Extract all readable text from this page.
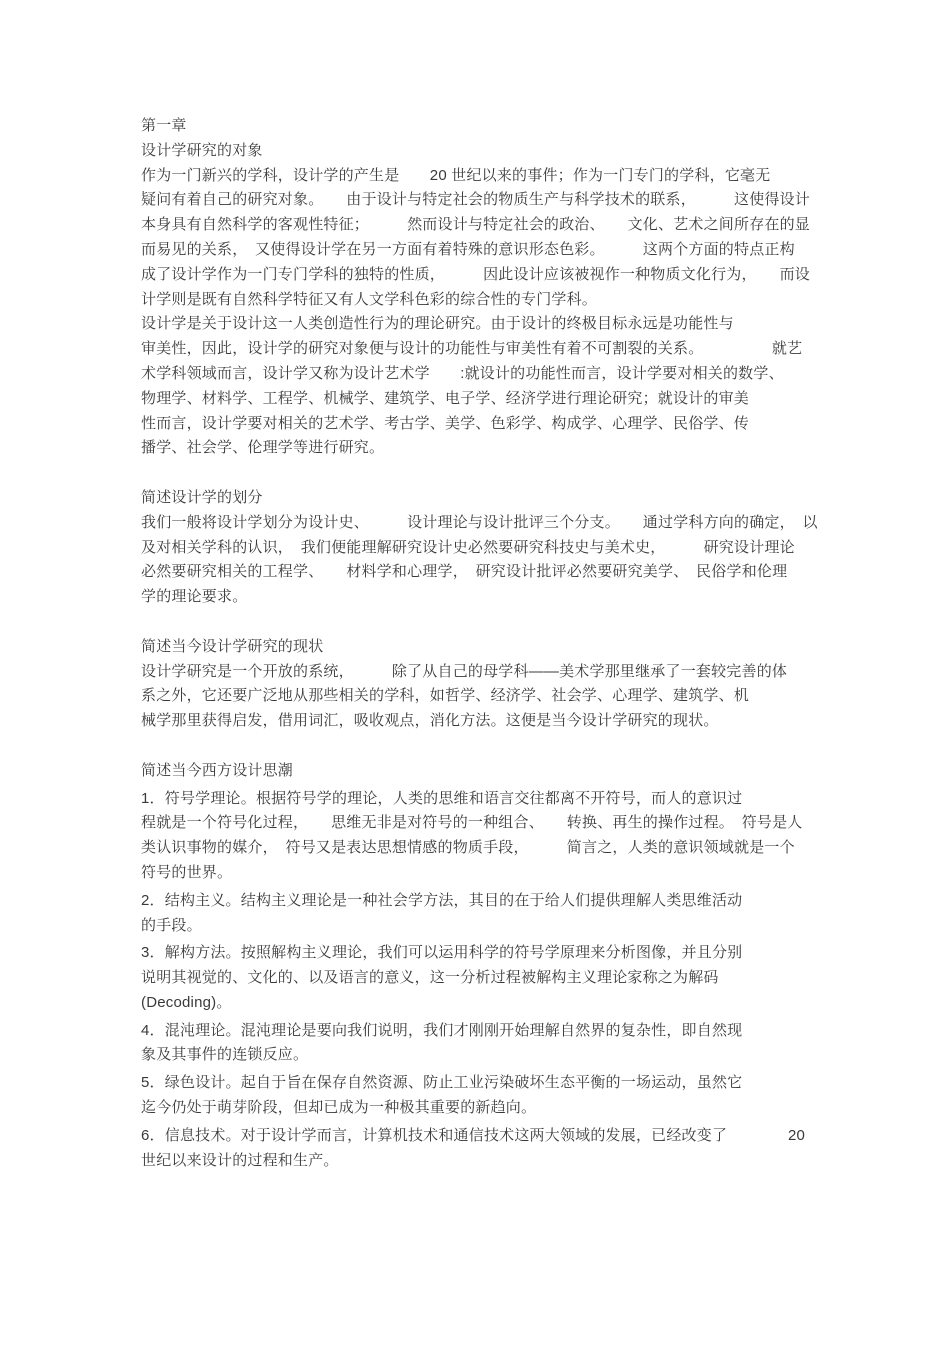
第一章
设计学研究的对象
作为一门新兴的学科，设计学的产生是　　20 世纪以来的事件；作为一门专门的学科，它毫无
疑问有着自己的研究对象。　　由于设计与特定社会的物质生产与科学技术的联系，　　　这使得设计
本身具有自然科学的客观性特征；　　　然而设计与特定社会的政治、　　文化、艺术之间所存在的显
而易见的关系，　又使得设计学在另一方面有着特殊的意识形态色彩。　　　这两个方面的特点正构
成了设计学作为一门专门学科的独特的性质，　　　因此设计应该被视作一种物质文化行为，　　而设
计学则是既有自然科学特征又有人文学科色彩的综合性的专门学科。
设计学是关于设计这一人类创造性行为的理论研究。由于设计的终极目标永远是功能性与
审美性，因此，设计学的研究对象便与设计的功能性与审美性有着不可割裂的关系。　　　　　就艺
术学科领域而言，设计学又称为设计艺术学　　:就设计的功能性而言，设计学要对相关的数学、
物理学、材料学、工程学、机械学、建筑学、电子学、经济学进行理论研究；就设计的审美
性而言，设计学要对相关的艺术学、考古学、美学、色彩学、构成学、心理学、民俗学、传
播学、社会学、伦理学等进行研究。
简述设计学的划分
我们一般将设计学划分为设计史、　　　设计理论与设计批评三个分支。　　通过学科方向的确定，　以
及对相关学科的认识，　我们便能理解研究设计史必然要研究科技史与美术史，　　　研究设计理论
必然要研究相关的工程学、　　材料学和心理学，　研究设计批评必然要研究美学、　民俗学和伦理
学的理论要求。
简述当今设计学研究的现状
设计学研究是一个开放的系统，　　　除了从自己的母学科——美术学那里继承了一套较完善的体
系之外，它还要广泛地从那些相关的学科，如哲学、经济学、社会学、心理学、建筑学、机
械学那里获得启发，借用词汇，吸收观点，消化方法。这便是当今设计学研究的现状。
简述当今西方设计思潮
1．符号学理论。根据符号学的理论，人类的思维和语言交往都离不开符号，而人的意识过
程就是一个符号化过程，　　思维无非是对符号的一种组合、　　转换、再生的操作过程。　符号是人
类认识事物的媒介，　符号又是表达思想情感的物质手段，　　　简言之，人类的意识领域就是一个
符号的世界。
2．结构主义。结构主义理论是一种社会学方法，其目的在于给人们提供理解人类思维活动
的手段。
3．解构方法。按照解构主义理论，我们可以运用科学的符号学原理来分析图像，并且分别
说明其视觉的、文化的、以及语言的意义，这一分析过程被解构主义理论家称之为解码
(Decoding)。
4．混沌理论。混沌理论是要向我们说明，我们才刚刚开始理解自然界的复杂性，即自然现
象及其事件的连锁反应。
5．绿色设计。起自于旨在保存自然资源、防止工业污染破坏生态平衡的一场运动，虽然它
迄今仍处于萌芽阶段，但却已成为一种极其重要的新趋向。
6．信息技术。对于设计学而言，计算机技术和通信技术这两大领域的发展，已经改变了　　　　20
世纪以来设计的过程和生产。
